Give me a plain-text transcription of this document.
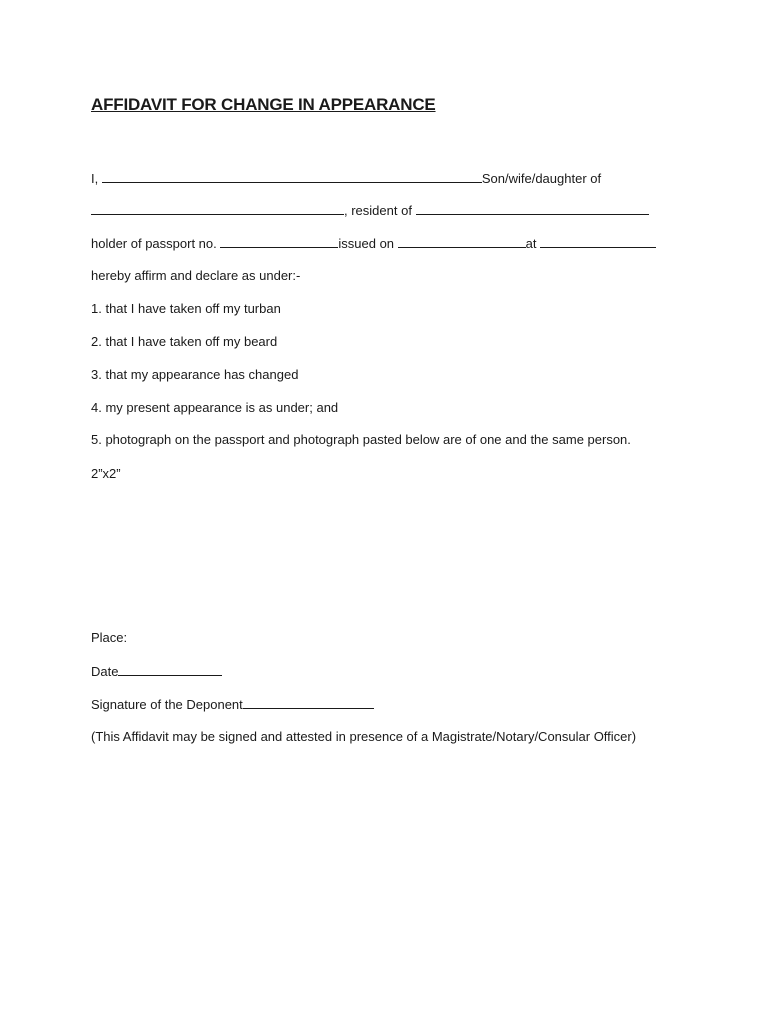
AFFIDAVIT FOR CHANGE IN APPEARANCE
I,	Son/wife/daughter of
, resident of
holder of passport no.	issued on	at
hereby affirm and declare as under:-
1. that I have taken off my turban
2. that I have taken off my beard
3. that my appearance has changed
4. my present appearance is as under; and
5. photograph on the passport and photograph pasted below are of one and the same person.
2”x2”
Place:
Date
Signature of the Deponent
(This Affidavit may be signed and attested in presence of a Magistrate/Notary/Consular Officer)
